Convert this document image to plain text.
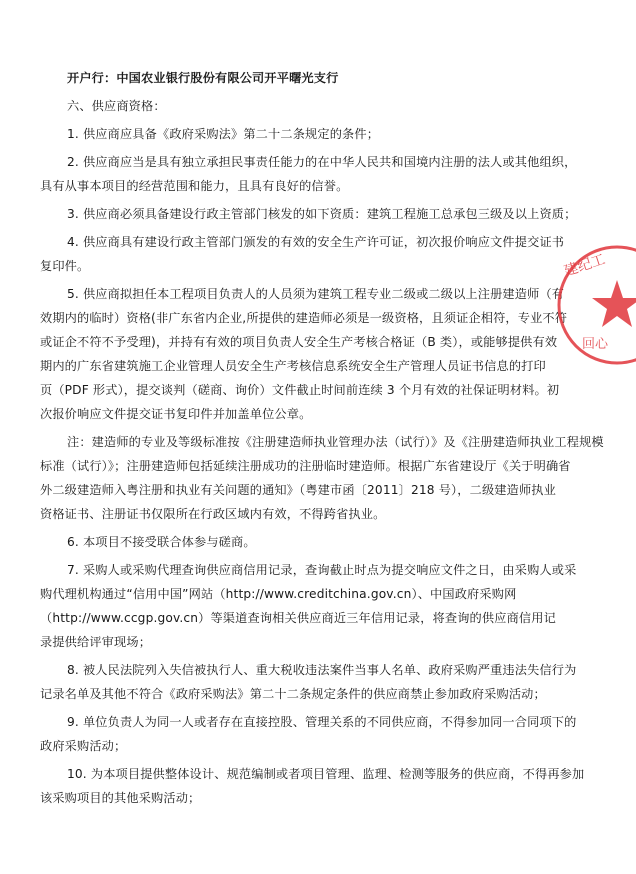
开户行：中国农业银行股份有限公司开平曙光支行
六、供应商资格：
1. 供应商应具备《政府采购法》第二十二条规定的条件；
2. 供应商应当是具有独立承担民事责任能力的在中华人民共和国境内注册的法人或其他组织，
具有从事本项目的经营范围和能力，且具有良好的信誉。
3. 供应商必须具备建设行政主管部门核发的如下资质：建筑工程施工总承包三级及以上资质；
4. 供应商具有建设行政主管部门颁发的有效的安全生产许可证，初次报价响应文件提交证书
复印件。
5. 供应商拟担任本工程项目负责人的人员须为建筑工程专业二级或二级以上注册建造师（有
效期内的临时）资格(非广东省内企业,所提供的建造师必须是一级资格，且须证企相符，专业不符
或证企不符不予受理)，并持有有效的项目负责人安全生产考核合格证（B 类），或能够提供有效
期内的广东省建筑施工企业管理人员安全生产考核信息系统安全生产管理人员证书信息的打印
页（PDF 形式），提交谈判（磋商、询价）文件截止时间前连续 3 个月有效的社保证明材料。初
次报价响应文件提交证书复印件并加盖单位公章。
注：建造师的专业及等级标准按《注册建造师执业管理办法（试行）》及《注册建造师执业工程规模
标准（试行）》；注册建造师包括延续注册成功的注册临时建造师。根据广东省建设厅《关于明确省
外二级建造师入粤注册和执业有关问题的通知》（粤建市函〔2011〕218 号），二级建造师执业
资格证书、注册证书仅限所在行政区域内有效，不得跨省执业。
6. 本项目不接受联合体参与磋商。
7. 采购人或采购代理查询供应商信用记录，查询截止时点为提交响应文件之日，由采购人或采
购代理机构通过“信用中国”网站（http://www.creditchina.gov.cn）、中国政府采购网
（http://www.ccgp.gov.cn）等渠道查询相关供应商近三年信用记录，将查询的供应商信用记
录提供给评审现场；
8. 被人民法院列入失信被执行人、重大税收违法案件当事人名单、政府采购严重违法失信行为
记录名单及其他不符合《政府采购法》第二十二条规定条件的供应商禁止参加政府采购活动；
9. 单位负责人为同一人或者存在直接控股、管理关系的不同供应商，不得参加同一合同项下的
政府采购活动；
10. 为本项目提供整体设计、规范编制或者项目管理、监理、检测等服务的供应商，不得再参加
该采购项目的其他采购活动；
建纪工
回心
